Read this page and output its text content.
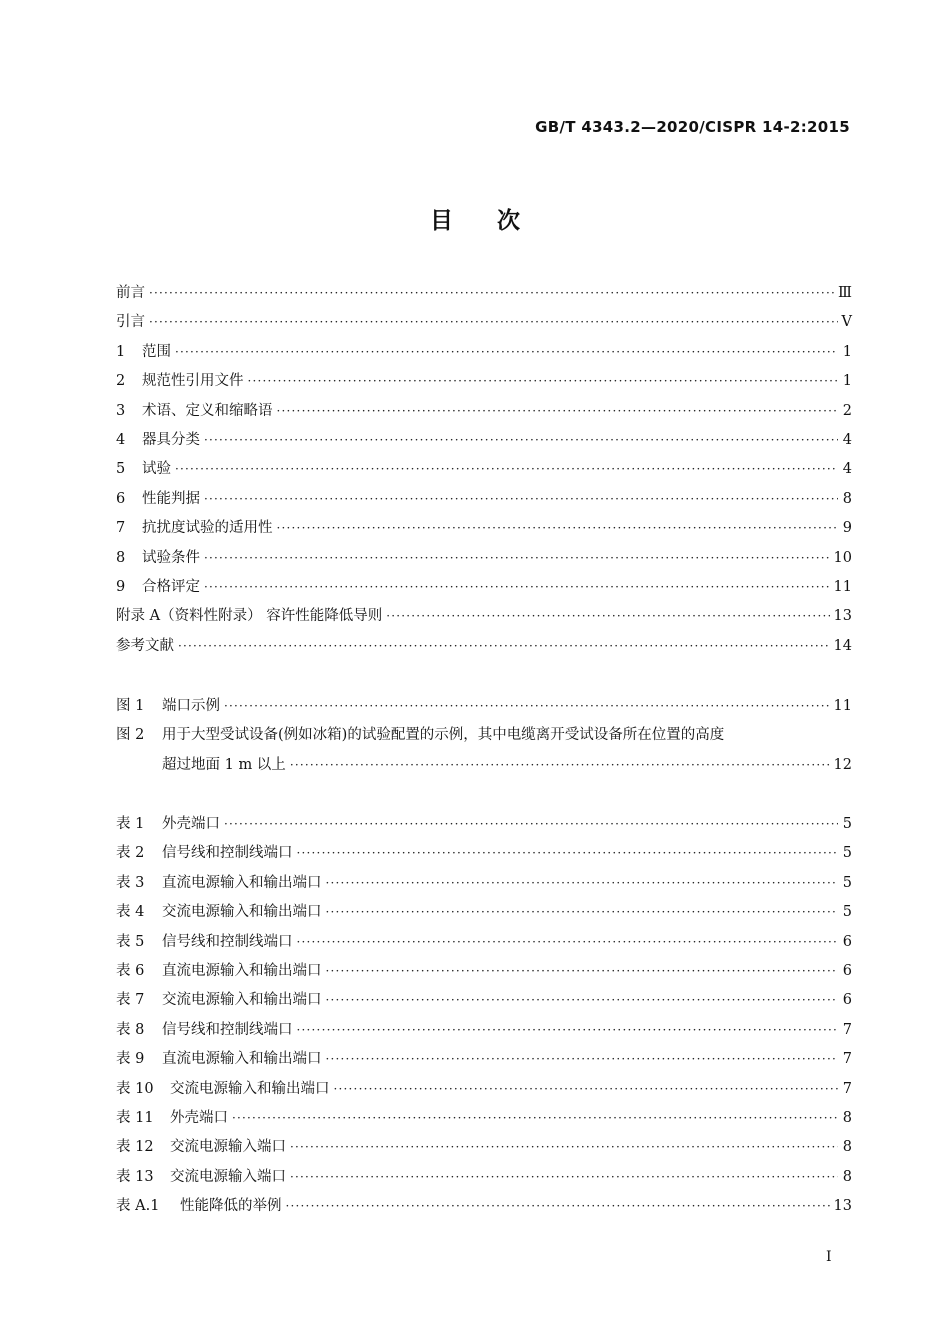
GB/T 4343.2—2020/CISPR 14-2:2015
目次
前言 ·····	Ⅲ
引言 ·····	Ⅴ
1	范围 ·····	1
2	规范性引用文件 ·····	1
3	术语、定义和缩略语 ·····	2
4	器具分类 ·····	4
5	试验 ·····	4
6	性能判据 ·····	8
7	抗扰度试验的适用性 ·····	9
8	试验条件 ·····	10
9	合格评定 ·····	11
附录 A（资料性附录） 容许性能降低导则 ·····	13
参考文献 ·····	14
图 1	端口示例 ·····	11
图 2 用于大型受试设备(例如冰箱)的试验配置的示例，其中电缆离开受试设备所在位置的高度
超过地面 1 m 以上 ·····	12
表 1	外壳端口 ·····	5
表 2	信号线和控制线端口 ·····	5
表 3	直流电源输入和输出端口 ·····	5
表 4	交流电源输入和输出端口 ·····	5
表 5	信号线和控制线端口 ·····	6
表 6	直流电源输入和输出端口 ·····	6
表 7	交流电源输入和输出端口 ·····	6
表 8	信号线和控制线端口 ·····	7
表 9	直流电源输入和输出端口 ·····	7
表 10	交流电源输入和输出端口 ·····	7
表 11	外壳端口 ·····	8
表 12	交流电源输入端口 ·····	8
表 13	交流电源输入端口 ·····	8
表 A.1	性能降低的举例 ·····	13
Ⅰ
